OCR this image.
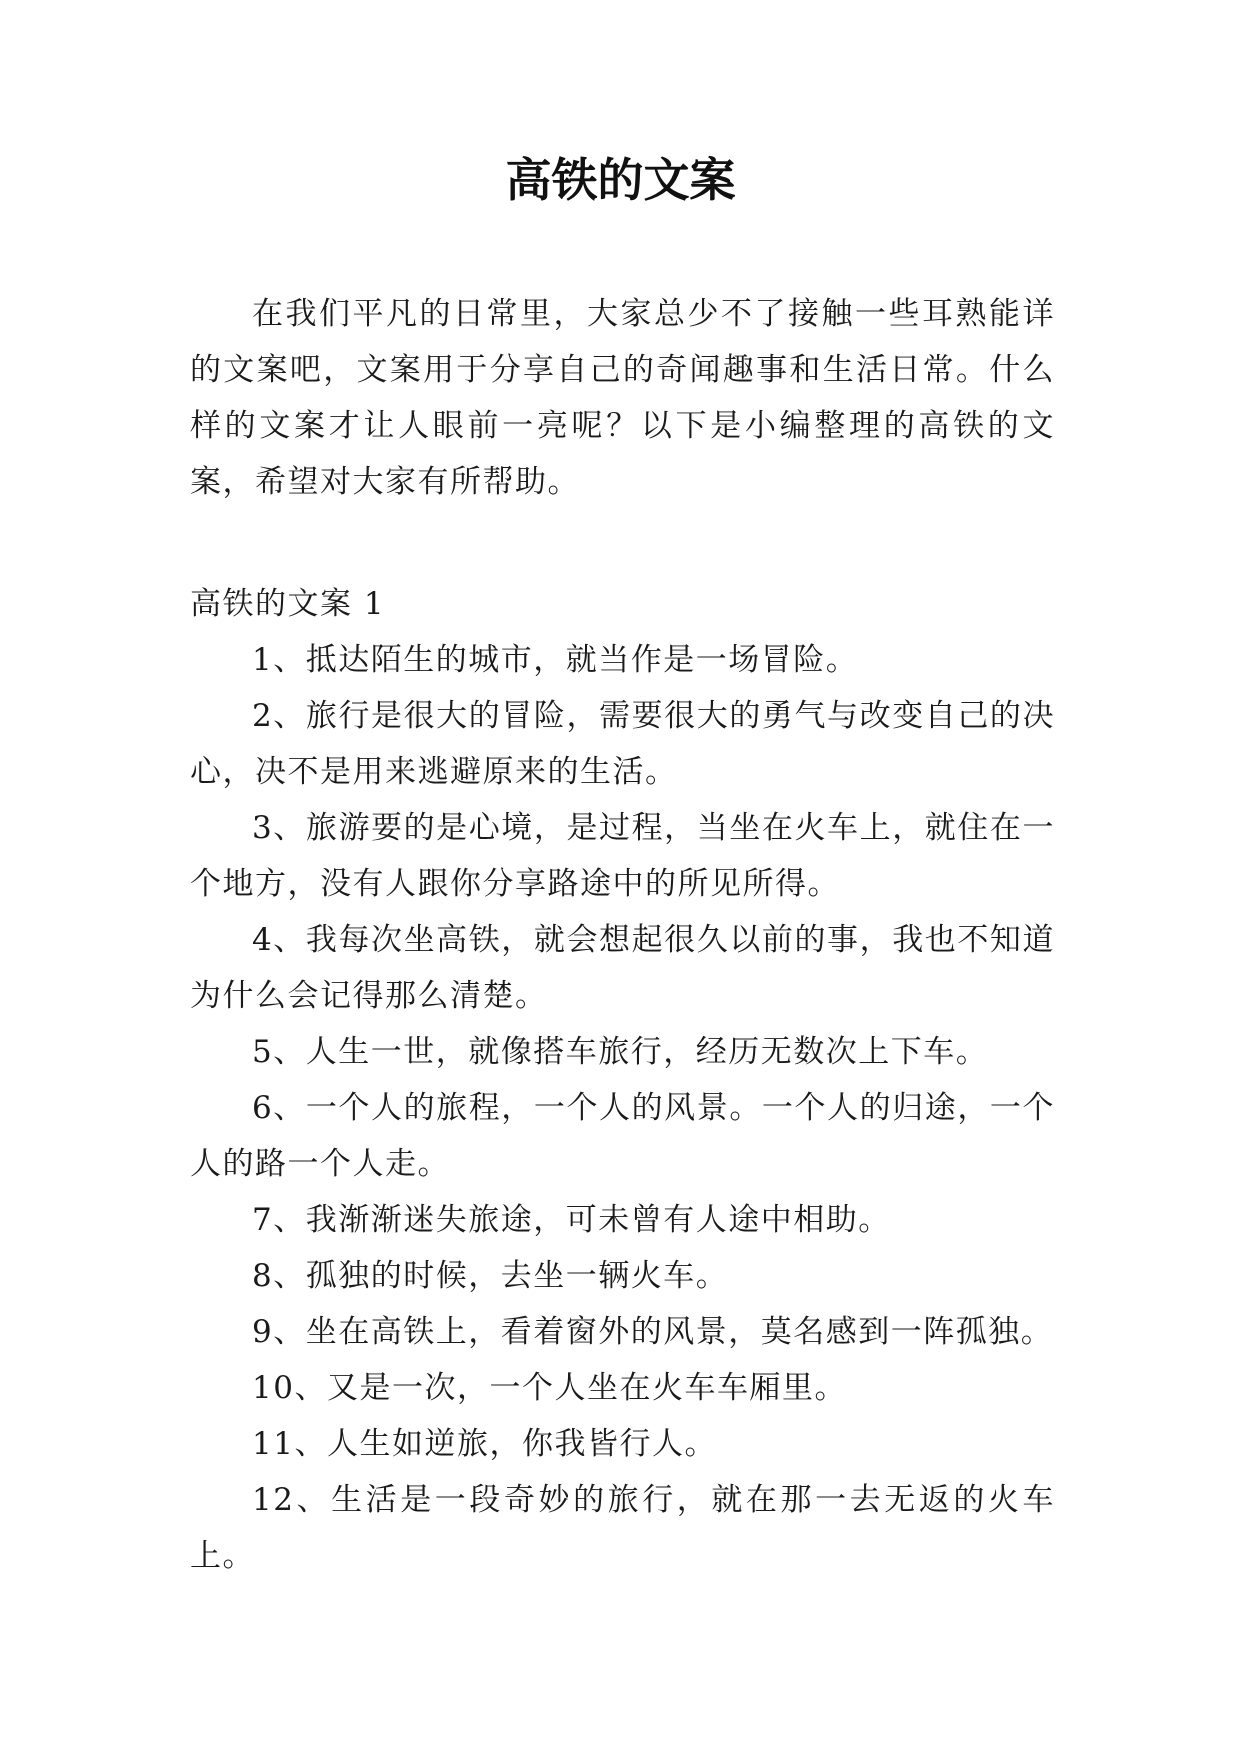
高铁的文案

在我们平凡的日常里，大家总少不了接触一些耳熟能详的文案吧，文案用于分享自己的奇闻趣事和生活日常。什么样的文案才让人眼前一亮呢？以下是小编整理的高铁的文案，希望对大家有所帮助。

高铁的文案 1

1、抵达陌生的城市，就当作是一场冒险。

2、旅行是很大的冒险，需要很大的勇气与改变自己的决心，决不是用来逃避原来的生活。

3、旅游要的是心境，是过程，当坐在火车上，就住在一个地方，没有人跟你分享路途中的所见所得。

4、我每次坐高铁，就会想起很久以前的事，我也不知道为什么会记得那么清楚。

5、人生一世，就像搭车旅行，经历无数次上下车。

6、一个人的旅程，一个人的风景。一个人的归途，一个人的路一个人走。

7、我渐渐迷失旅途，可未曾有人途中相助。

8、孤独的时候，去坐一辆火车。

9、坐在高铁上，看着窗外的风景，莫名感到一阵孤独。

10、又是一次，一个人坐在火车车厢里。

11、人生如逆旅，你我皆行人。

12、生活是一段奇妙的旅行，就在那一去无返的火车上。
